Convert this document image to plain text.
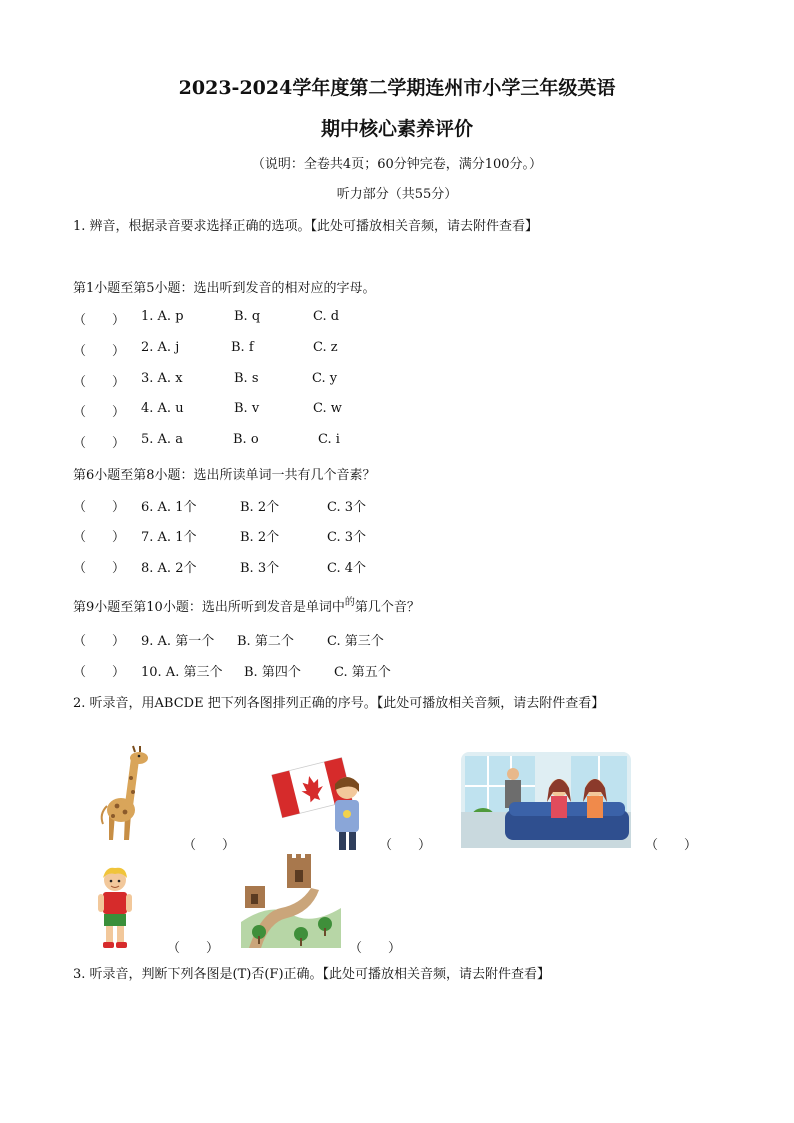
2023-2024学年度第二学期连州市小学三年级英语
期中核心素养评价
（说明：全卷共4页；60分钟完卷，满分100分。）
听力部分（共55分）
1. 辨音，根据录音要求选择正确的选项。【此处可播放相关音频，请去附件查看】
第1小题至第5小题：选出听到发音的相对应的字母。
（　　） 1. A. p	B. q	C. d
（　　） 2. A. j	B. f	C. z
（　　） 3. A. x	B. s	C. y
（　　） 4. A. u	B. v	C. w
（　　） 5. A. a	B. o	C. i
第6小题至第8小题：选出所读单词一共有几个音素？
（　　） 6. A. 1个	B. 2个	C. 3个
（　　） 7. A. 1个	B. 2个	C. 3个
（　　） 8. A. 2个	B. 3个	C. 4个
第9小题至第10小题：选出所听到发音是单词中$^的$第几个音？
（　　） 9. A. 第一个 B. 第二个	C. 第三个
（　　） 10. A. 第三个 B. 第四个	C. 第五个
2. 听录音，用ABCDE 把下列各图排列正确的序号。【此处可播放相关音频，请去附件查看】
（　　）	（　　）	（　　）
（　　）	（　　）
3. 听录音，判断下列各图是(T)否(F)正确。【此处可播放相关音频，请去附件查看】
